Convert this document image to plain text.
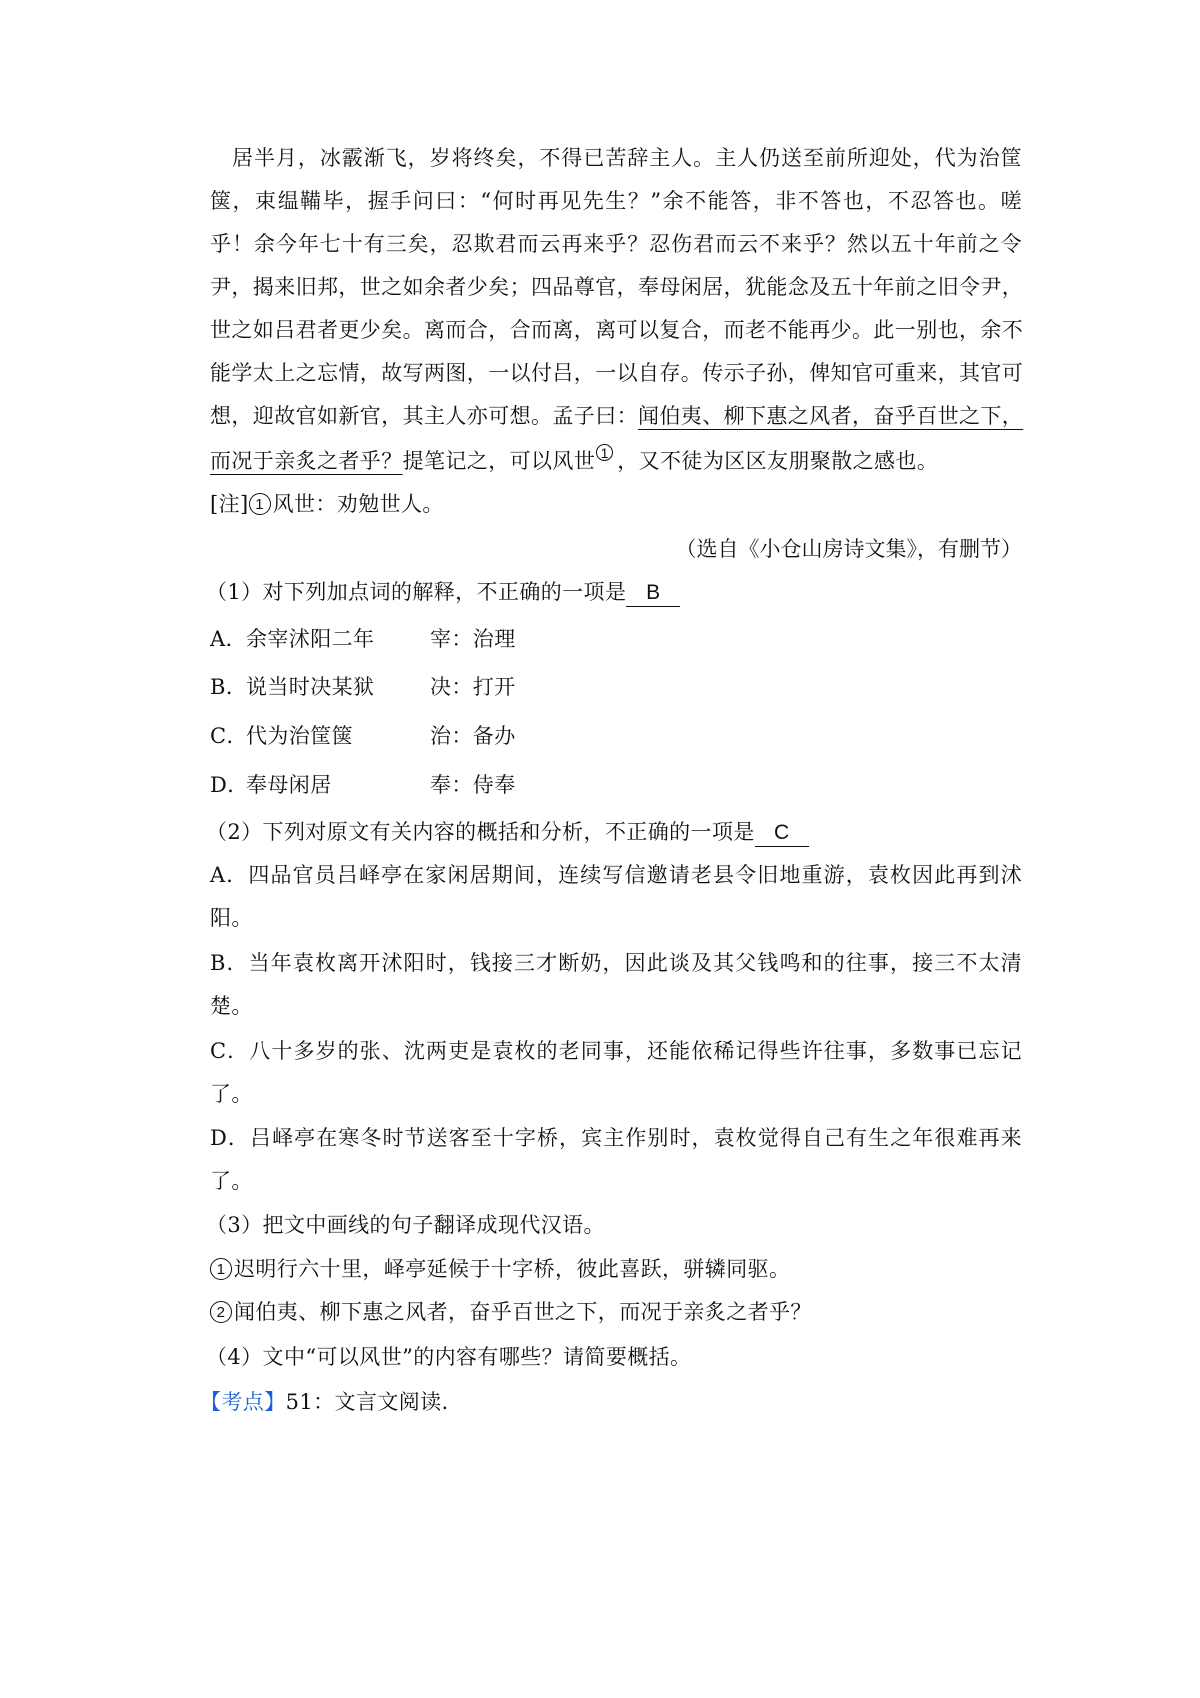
居半月，冰霰渐飞，岁将终矣，不得已苦辞主人。主人仍送至前所迎处，代为治筐
箧，束缊鞴毕，握手问曰：“何时再见先生？”余不能答，非不答也，不忍答也。嗟
乎！余今年七十有三矣，忍欺君而云再来乎？忍伤君而云不来乎？然以五十年前之令
尹，揭来旧邦，世之如余者少矣；四品尊官，奉母闲居，犹能念及五十年前之旧令尹，
世之如吕君者更少矣。离而合，合而离，离可以复合，而老不能再少。此一别也，余不
能学太上之忘情，故写两图，一以付吕，一以自存。传示子孙，俾知官可重来，其官可
想，迎故官如新官，其主人亦可想。孟子曰：闻伯夷、柳下惠之风者，奋乎百世之下，
而况于亲炙之者乎？提笔记之，可以风世 1 ，又不徒为区区友朋聚散之感也。
[注] 1 风世：劝勉世人。
（选自《小仓山房诗文集》，有删节）
（1）对下列加点词的解释，不正确的一项是 B
A．余宰沭阳二年	宰：治理
B．说当时决某狱	决：打开
C．代为治筐箧	治：备办
D．奉母闲居	奉：侍奉
（2）下列对原文有关内容的概括和分析，不正确的一项是 C
A．四品官员吕峄亭在家闲居期间，连续写信邀请老县令旧地重游，袁枚因此再到沭
阳。
B．当年袁枚离开沭阳时，钱接三才断奶，因此谈及其父钱鸣和的往事，接三不太清
楚。
C．八十多岁的张、沈两吏是袁枚的老同事，还能依稀记得些许往事，多数事已忘记
了。
D．吕峄亭在寒冬时节送客至十字桥，宾主作别时，袁枚觉得自己有生之年很难再来
了。
（3）把文中画线的句子翻译成现代汉语。
1 迟明行六十里，峄亭延候于十字桥，彼此喜跃，骈辚同驱。
2 闻伯夷、柳下惠之风者，奋乎百世之下，而况于亲炙之者乎？
（4）文中“可以风世”的内容有哪些？请简要概括。
【考点】51：文言文阅读.
